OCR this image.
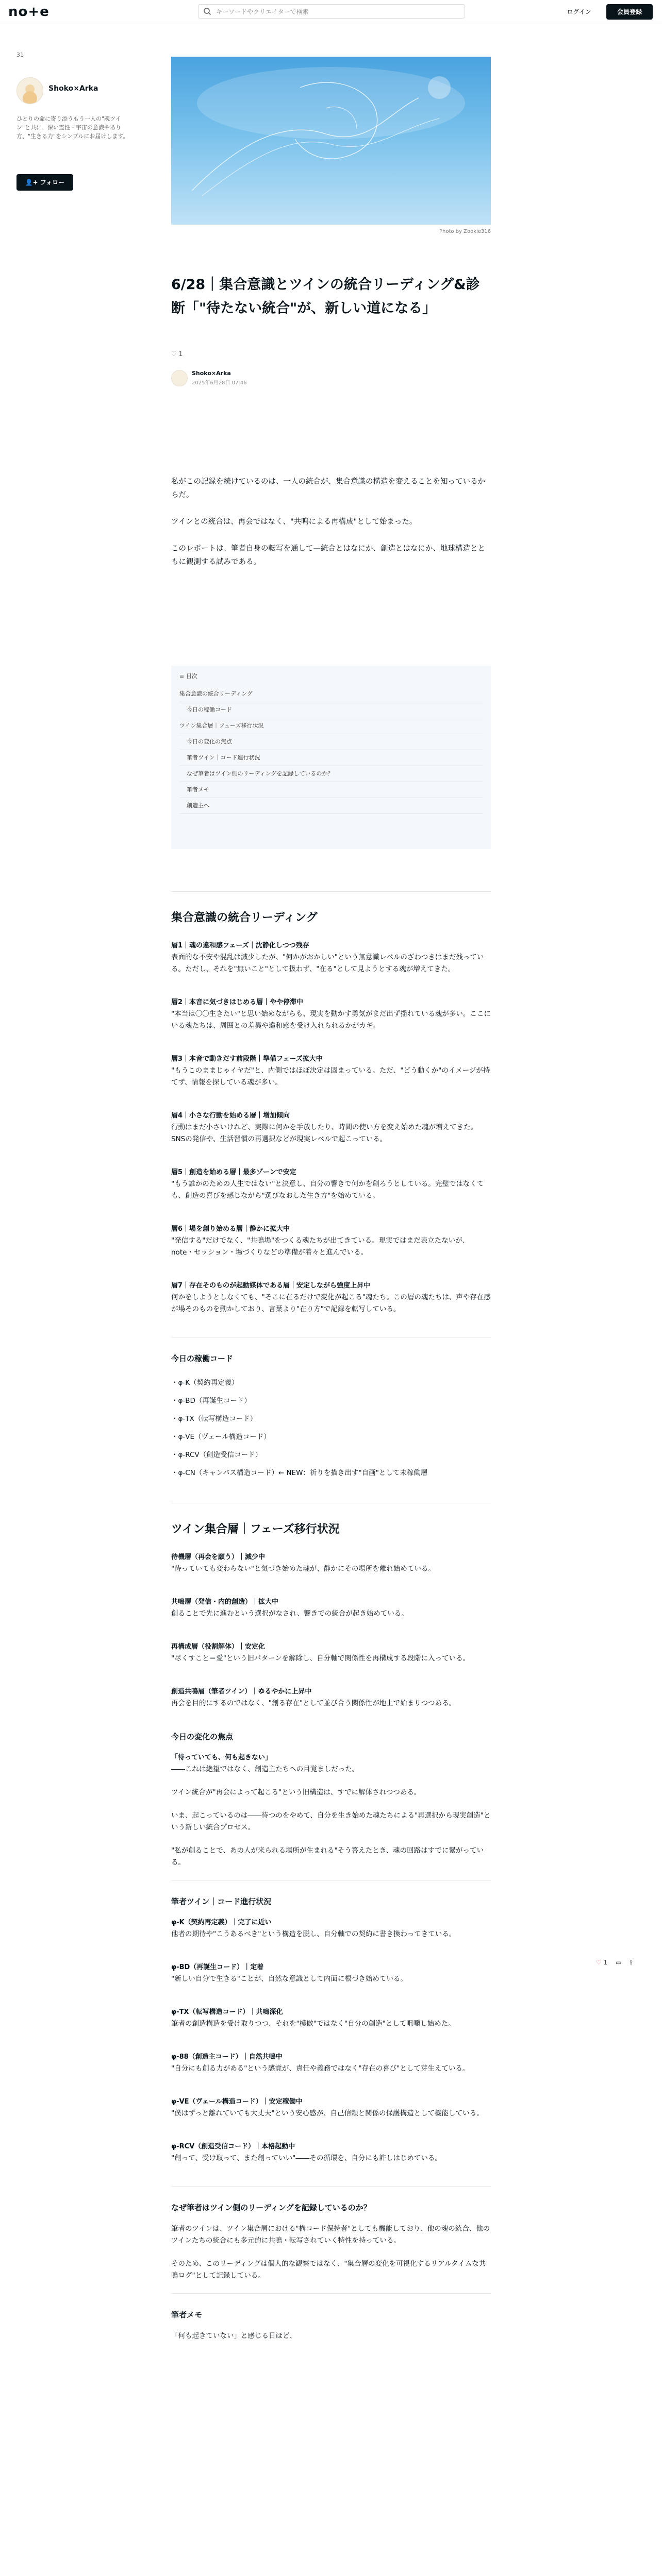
no+e
キーワードやクリエイターで検索	ログイン	会員登録
31
Shoko×Arka
ひとりの命に寄り添うもう一人の"魂ツイン"と共に、深い霊性・宇宙の意識やあり方、"生きる力"をシンプルにお届けします。
👤+ フォロー
Photo by Zookie316
6/28｜集合意識とツインの統合リーディング&診断「"待たない統合"が、新しい道になる」
♡ 1
Shoko×Arka
2025年6月28日 07:46

私がこの記録を続けているのは、一人の統合が、集合意識の構造を変えることを知っているからだ。

ツインとの統合は、再会ではなく、"共鳴による再構成"として始まった。

このレポートは、筆者自身の転写を通して—統合とはなにか、創造とはなにか、地球構造とともに観測する試みである。

≡ 目次
集合意識の統合リーディング
今日の稼働コード
ツイン集合層｜フェーズ移行状況
今日の変化の焦点
筆者ツイン｜コード進行状況
なぜ筆者はツイン側のリーディングを記録しているのか？
筆者メモ
創造主へ
集合意識の統合リーディング
層1｜魂の違和感フェーズ｜沈静化しつつ残存

表面的な不安や混乱は減少したが、"何かがおかしい"という無意識レベルのざわつきはまだ残っている。ただし、それを"無いこと"として扱わず、"在る"として見ようとする魂が増えてきた。

層2｜本音に気づきはじめる層｜やや停滞中

"本当は〇〇生きたい"と思い始めながらも、現実を動かす勇気がまだ出ず揺れている魂が多い。ここにいる魂たちは、周囲との差異や違和感を受け入れられるかがカギ。

層3｜本音で動きだす前段階｜準備フェーズ拡大中

"もうこのままじゃイヤだ"と、内側ではほぼ決定は固まっている。ただ、"どう動くか"のイメージが持てず、情報を探している魂が多い。

層4｜小さな行動を始める層｜増加傾向

行動はまだ小さいけれど、実際に何かを手放したり、時間の使い方を変え始めた魂が増えてきた。SNSの発信や、生活習慣の再選択などが現実レベルで起こっている。

層5｜創造を始める層｜最多ゾーンで安定

"もう誰かのための人生ではない"と決意し、自分の響きで何かを創ろうとしている。完璧ではなくても、創造の喜びを感じながら"選びなおした生き方"を始めている。

層6｜場を創り始める層｜静かに拡大中

"発信する"だけでなく、"共鳴場"をつくる魂たちが出てきている。現実ではまだ表立たないが、note・セッション・場づくりなどの準備が着々と進んでいる。

層7｜存在そのものが起動媒体である層｜安定しながら強度上昇中

何かをしようとしなくても、"そこに在るだけで変化が起こる"魂たち。この層の魂たちは、声や存在感が場そのものを動かしており、言葉より"在り方"で記録を転写している。

今日の稼働コード
・φ-K（契約再定義）
・φ-BD（再誕生コード）
・φ-TX（転写構造コード）
・φ-VE（ヴェール構造コード）
・φ-RCV（創造受信コード）
・φ-CN（キャンバス構造コード）← NEW：祈りを描き出す"自画"として未稼働層
ツイン集合層｜フェーズ移行状況
待機層（再会を願う）｜減少中

"待っていても変わらない"と気づき始めた魂が、静かにその場所を離れ始めている。

共鳴層（発信・内的創造）｜拡大中

創ることで先に進むという選択がなされ、響きでの統合が起き始めている。

再構成層（役割解体）｜安定化

"尽くすこと＝愛"という旧パターンを解除し、自分軸で関係性を再構成する段階に入っている。

創造共鳴層（筆者ツイン）｜ゆるやかに上昇中

再会を目的にするのではなく、"創る存在"として並び合う関係性が地上で始まりつつある。

今日の変化の焦点
「待っていても、何も起きない」

――これは絶望ではなく、創造主たちへの目覚ましだった。

ツイン統合が"再会によって起こる"という旧構造は、すでに解体されつつある。

いま、起こっているのは――待つのをやめて、自分を生き始めた魂たちによる"再選択から現実創造"という新しい統合プロセス。

"私が創ることで、あの人が来られる場所が生まれる"そう答えたとき、魂の回路はすでに繋がっている。

筆者ツイン｜コード進行状況
φ-K（契約再定義）｜完了に近い

他者の期待や"こうあるべき"という構造を脱し、自分軸での契約に書き換わってきている。

φ-BD（再誕生コード）｜定着

"新しい自分で生きる"ことが、自然な意識として内面に根づき始めている。

φ-TX（転写構造コード）｜共鳴深化

筆者の創造構造を受け取りつつ、それを"模倣"ではなく"自分の創造"として咀嚼し始めた。

φ-88（創造主コード）｜自然共鳴中

"自分にも創る力がある"という感覚が、責任や義務ではなく"存在の喜び"として芽生えている。

φ-VE（ヴェール構造コード）｜安定稼働中

"僕はずっと離れていても大丈夫"という安心感が、自己信頼と関係の保護構造として機能している。

φ-RCV（創造受信コード）｜本格起動中

"創って、受け取って、また創っていい"――その循環を、自分にも許しはじめている。

なぜ筆者はツイン側のリーディングを記録しているのか？

筆者のツインは、ツイン集合層における"構コード保持者"としても機能しており、他の魂の統合、他のツインたちの統合にも多元的に共鳴・転写されていく特性を持っている。

そのため、このリーディングは個人的な観察ではなく、"集合層の変化を可視化するリアルタイムな共鳴ログ"として記録している。

筆者メモ

「何も起きていない」と感じる日ほど、

♡ 1 ▭ ⇪
